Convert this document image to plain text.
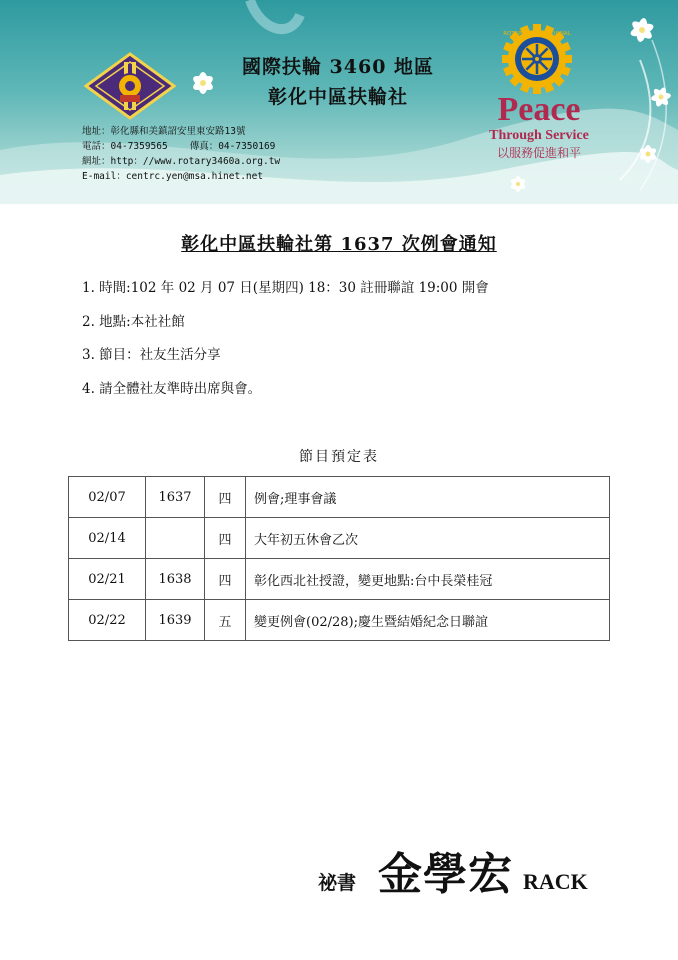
國際扶輪 3460 地區
彰化中區扶輪社
地址：彰化縣和美鎮詔安里東安路13號
電話：04-7359565 傳真：04-7350169
網址：http：//www.rotary3460a.org.tw
E-mail：centrc.yen@msa.hinet.net
ROTARY INTERNATIONAL
Peace
Through Service
以服務促進和平
彰化中區扶輪社第 1637 次例會通知
1. 時間:102 年 02 月 07 日(星期四) 18：30 註冊聯誼 19:00 開會
2. 地點:本社社館
3. 節目：社友生活分享
4. 請全體社友準時出席與會。
節目預定表
02/07	1637	四	例會;理事會議
02/14		四	大年初五休會乙次
02/21	1638	四	彰化西北社授證，變更地點:台中長榮桂冠
02/22	1639	五	變更例會(02/28);慶生暨結婚紀念日聯誼
祕書 金學宏 RACK
